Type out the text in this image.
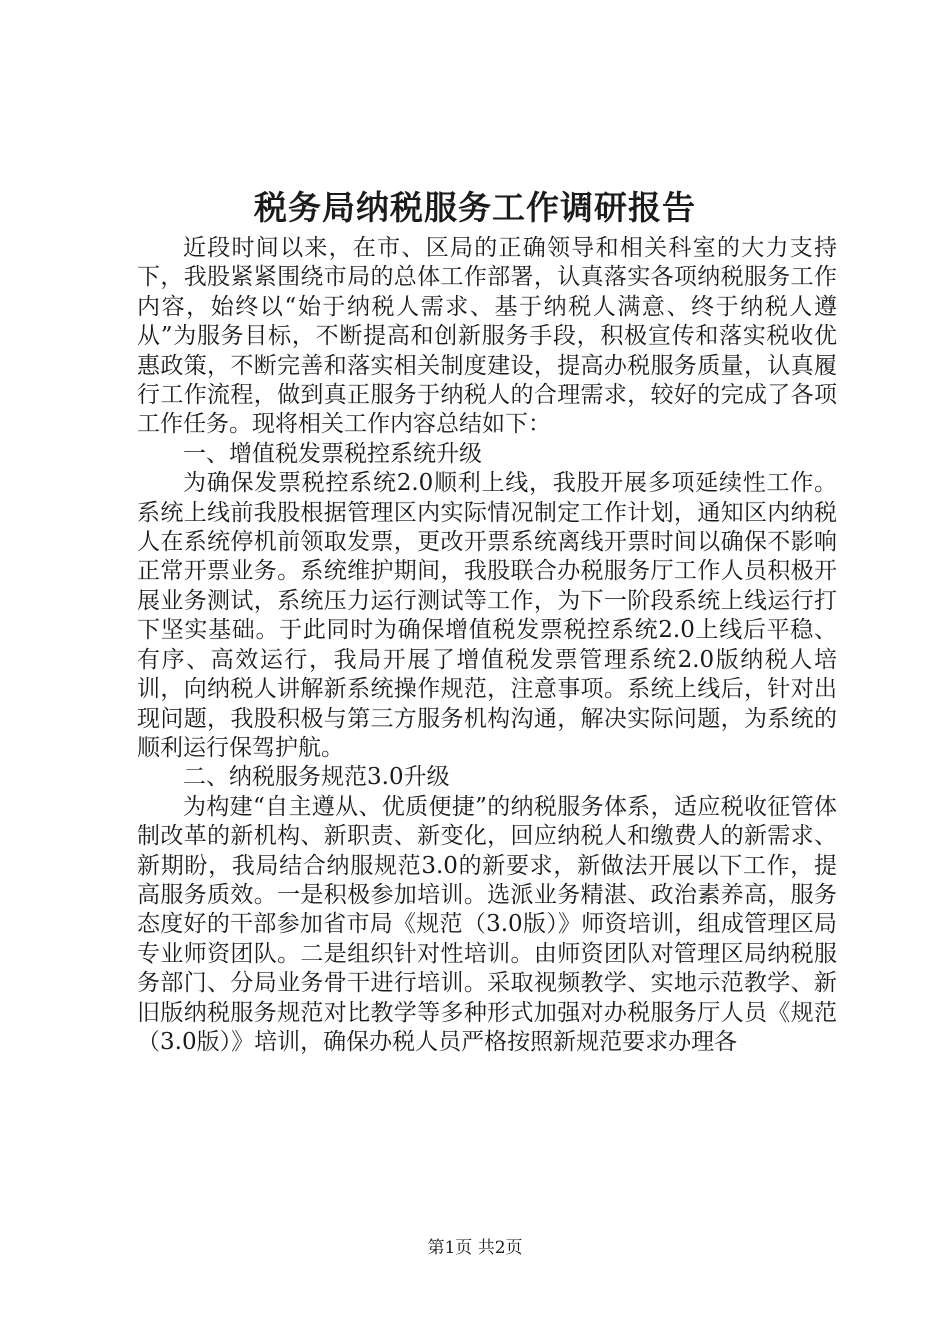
税务局纳税服务工作调研报告

近段时间以来，在市、区局的正确领导和相关科室的大力支持下，我股紧紧围绕市局的总体工作部署，认真落实各项纳税服务工作内容，始终以“始于纳税人需求、基于纳税人满意、终于纳税人遵从”为服务目标，不断提高和创新服务手段，积极宣传和落实税收优惠政策，不断完善和落实相关制度建设，提高办税服务质量，认真履行工作流程，做到真正服务于纳税人的合理需求，较好的完成了各项工作任务。现将相关工作内容总结如下：

一、增值税发票税控系统升级

为确保发票税控系统2.0顺利上线，我股开展多项延续性工作。系统上线前我股根据管理区内实际情况制定工作计划，通知区内纳税人在系统停机前领取发票，更改开票系统离线开票时间以确保不影响正常开票业务。系统维护期间，我股联合办税服务厅工作人员积极开展业务测试，系统压力运行测试等工作，为下一阶段系统上线运行打下坚实基础。于此同时为确保增值税发票税控系统2.0上线后平稳、有序、高效运行，我局开展了增值税发票管理系统2.0版纳税人培训，向纳税人讲解新系统操作规范，注意事项。系统上线后，针对出现问题，我股积极与第三方服务机构沟通，解决实际问题，为系统的顺利运行保驾护航。

二、纳税服务规范3.0升级

为构建“自主遵从、优质便捷”的纳税服务体系，适应税收征管体制改革的新机构、新职责、新变化，回应纳税人和缴费人的新需求、新期盼，我局结合纳服规范3.0的新要求，新做法开展以下工作，提高服务质效。一是积极参加培训。选派业务精湛、政治素养高，服务态度好的干部参加省市局《规范（3.0版）》师资培训，组成管理区局专业师资团队。二是组织针对性培训。由师资团队对管理区局纳税服务部门、分局业务骨干进行培训。采取视频教学、实地示范教学、新旧版纳税服务规范对比教学等多种形式加强对办税服务厅人员《规范（3.0版）》培训，确保办税人员严格按照新规范要求办理各

第1页 共2页
